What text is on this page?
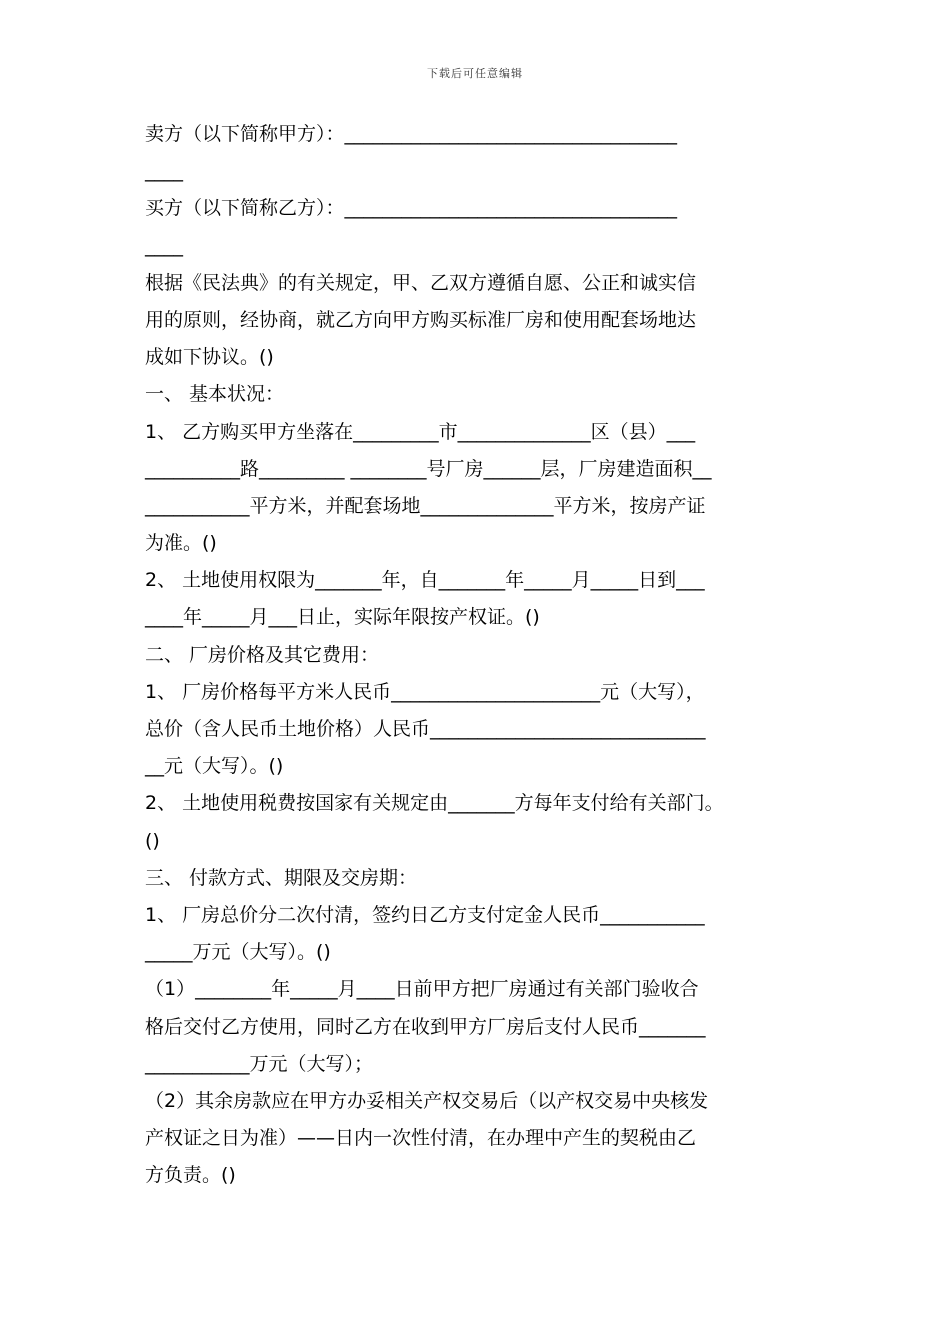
下载后可任意编辑
卖方（以下简称甲方）：___________________________________
____
买方（以下简称乙方）：___________________________________
____
根据《民法典》的有关规定，甲、乙双方遵循自愿、公正和诚实信
用的原则，经协商，就乙方向甲方购买标准厂房和使用配套场地达
成如下协议。()
一、 基本状况：
1、 乙方购买甲方坐落在_________市______________区（县）___
__________路_________ ________号厂房______层，厂房建造面积__
___________平方米，并配套场地______________平方米，按房产证
为准。()
2、 土地使用权限为_______年，自_______年_____月_____日到___
____年_____月___日止，实际年限按产权证。()
二、 厂房价格及其它费用：
1、 厂房价格每平方米人民币______________________元（大写），
总价（含人民币土地价格）人民币_____________________________
__元（大写）。()
2、 土地使用税费按国家有关规定由_______方每年支付给有关部门。
()
三、 付款方式、期限及交房期：
1、 厂房总价分二次付清，签约日乙方支付定金人民币___________
_____万元（大写）。()
（1）________年_____月____日前甲方把厂房通过有关部门验收合
格后交付乙方使用，同时乙方在收到甲方厂房后支付人民币_______
___________万元（大写）；
（2）其余房款应在甲方办妥相关产权交易后（以产权交易中央核发
产权证之日为准）——日内一次性付清，在办理中产生的契税由乙
方负责。()
